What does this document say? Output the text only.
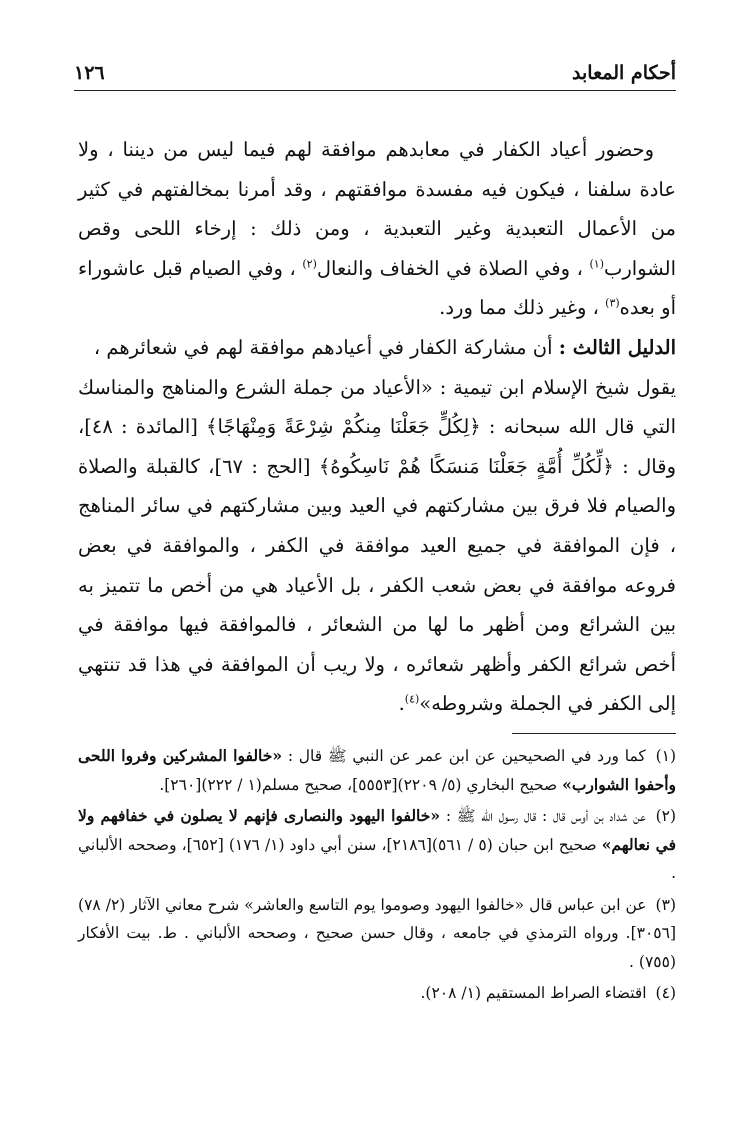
أحكام المعابد
١٢٦

وحضور أعياد الكفار في معابدهم موافقة لهم فيما ليس من ديننا ، ولا عادة سلفنا ، فيكون فيه مفسدة موافقتهم ، وقد أمرنا بمخالفتهم في كثير من الأعمال التعبدية وغير التعبدية ، ومن ذلك : إرخاء اللحى وقص الشوارب$^{(١)}$ ، وفي الصلاة في الخفاف والنعال$^{(٢)}$ ، وفي الصيام قبل عاشوراء أو بعده$^{(٣)}$ ، وغير ذلك مما ورد.

الدليل الثالث : أن مشاركة الكفار في أعيادهم موافقة لهم في شعائرهم ،

يقول شيخ الإسلام ابن تيمية : «الأعياد من جملة الشرع والمناهج والمناسك التي قال الله سبحانه : ﴿لِكُلٍّ جَعَلْنَا مِنكُمْ شِرْعَةً وَمِنْهَاجًا﴾ [المائدة : ٤٨]، وقال : ﴿لِّكُلِّ أُمَّةٍ جَعَلْنَا مَنسَكًا هُمْ نَاسِكُوهُ﴾ [الحج : ٦٧]، كالقبلة والصلاة والصيام فلا فرق بين مشاركتهم في العيد وبين مشاركتهم في سائر المناهج ، فإن الموافقة في جميع العيد موافقة في الكفر ، والموافقة في بعض فروعه موافقة في بعض شعب الكفر ، بل الأعياد هي من أخص ما تتميز به بين الشرائع ومن أظهر ما لها من الشعائر ، فالموافقة فيها موافقة في أخص شرائع الكفر وأظهر شعائره ، ولا ريب أن الموافقة في هذا قد تنتهي إلى الكفر في الجملة وشروطه»$^{(٤)}$.

(١) كما ورد في الصحيحين عن ابن عمر عن النبي ﷺ قال : «خالفوا المشركين وفروا اللحى وأحفوا الشوارب» صحيح البخاري (٥/ ٢٢٠٩)[٥٥٥٣]، صحيح مسلم(١ / ٢٢٢)[٢٦٠].

(٢) عن شداد بن أوس قال : قال رسول الله ﷺ : «خالفوا اليهود والنصارى فإنهم لا يصلون في خفافهم ولا في نعالهم» صحيح ابن حبان (٥ / ٥٦١)[٢١٨٦]، سنن أبي داود (١/ ١٧٦) [٦٥٢]، وصححه الألباني .

(٣) عن ابن عباس قال «خالفوا اليهود وصوموا يوم التاسع والعاشر» شرح معاني الآثار (٢/ ٧٨) [٣٠٥٦]. ورواه الترمذي في جامعه ، وقال حسن صحيح ، وصححه الألباني . ط. بيت الأفكار (٧٥٥) .

(٤) اقتضاء الصراط المستقيم (١/ ٢٠٨).
